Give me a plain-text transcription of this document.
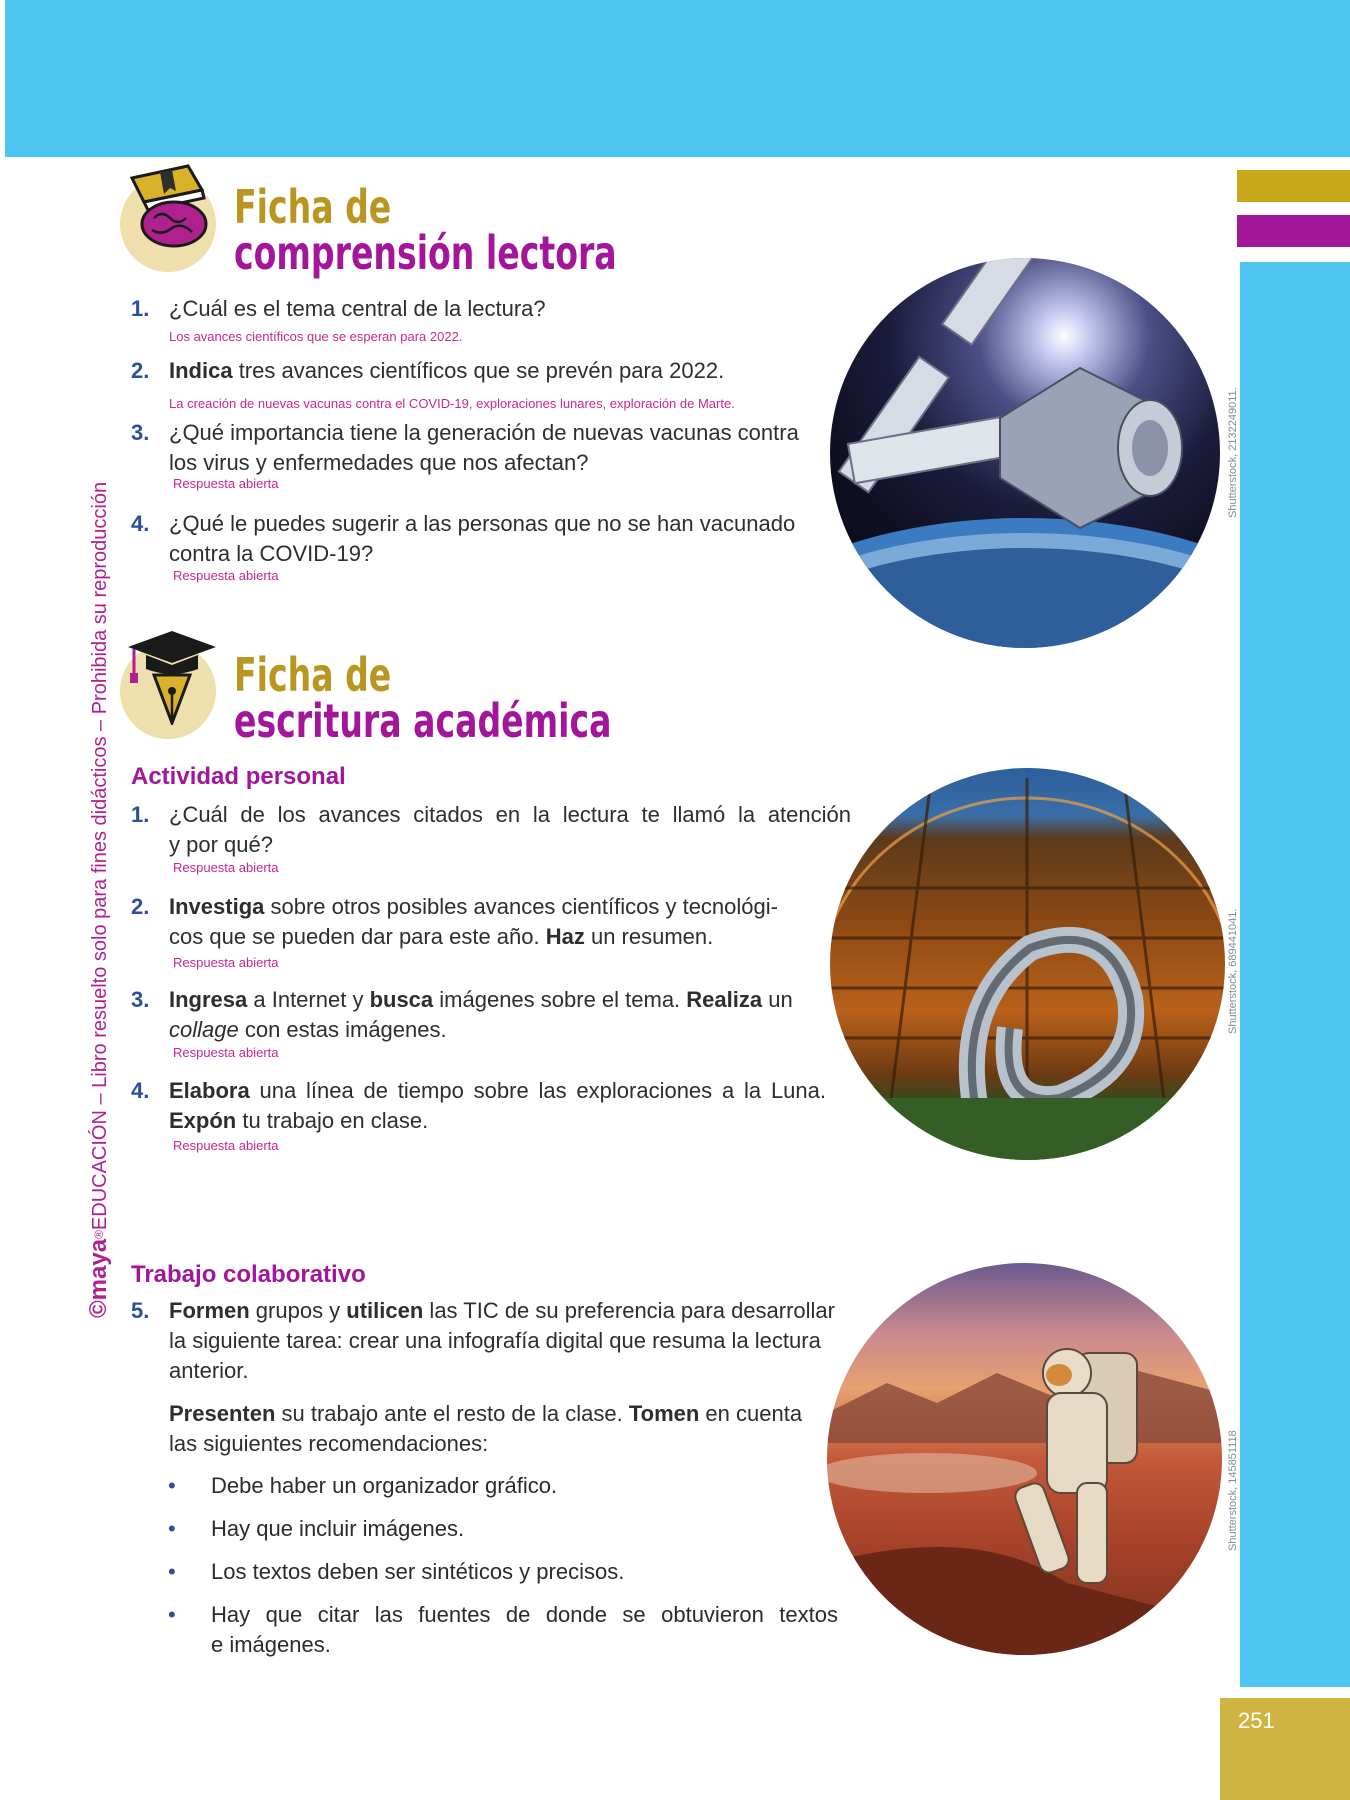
251
©maya®EDUCACIÓN – Libro resuelto solo para fines didácticos – Prohibida su reproducción
Ficha de
comprensión lectora
1. ¿Cuál es el tema central de la lectura?
Los avances científicos que se esperan para 2022.
2. Indica tres avances científicos que se prevén para 2022.
La creación de nuevas vacunas contra el COVID-19, exploraciones lunares, exploración de Marte.
3. ¿Qué importancia tiene la generación de nuevas vacunas contra
los virus y enfermedades que nos afectan?
Respuesta abierta
4. ¿Qué le puedes sugerir a las personas que no se han vacunado
contra la COVID-19?
Respuesta abierta
Shutterstock, 2132249011.
Ficha de
escritura académica
Actividad personal
1. ¿Cuál de los avances citados en la lectura te llamó la atención
y por qué?
Respuesta abierta
2. Investiga sobre otros posibles avances científicos y tecnológi-
cos que se pueden dar para este año. Haz un resumen.
Respuesta abierta
3. Ingresa a Internet y busca imágenes sobre el tema. Realiza un
collage con estas imágenes.
Respuesta abierta
4. Elabora una línea de tiempo sobre las exploraciones a la Luna.
Expón tu trabajo en clase.
Respuesta abierta
Shutterstock, 689441041.
Trabajo colaborativo
5. Formen grupos y utilicen las TIC de su preferencia para desarrollar
la siguiente tarea: crear una infografía digital que resuma la lectura
anterior.
Presenten su trabajo ante el resto de la clase. Tomen en cuenta
las siguientes recomendaciones:
• Debe haber un organizador gráfico.
• Hay que incluir imágenes.
• Los textos deben ser sintéticos y precisos.
• Hay que citar las fuentes de donde se obtuvieron textos
e imágenes.
Shutterstock, 145851118
